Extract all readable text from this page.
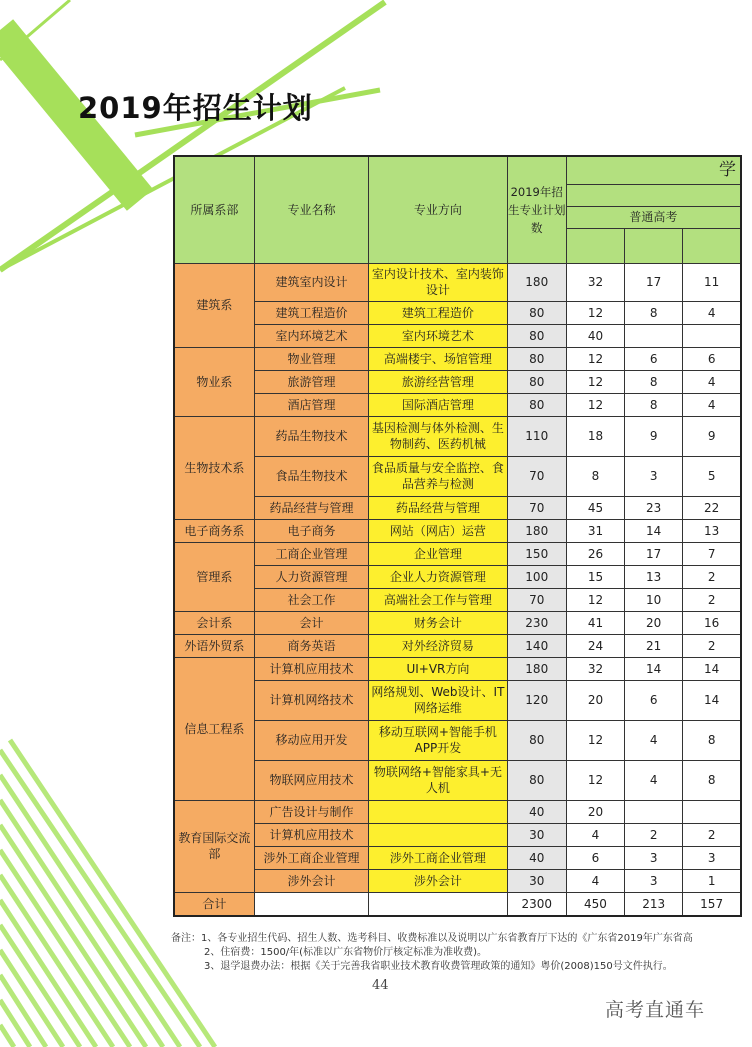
2019年招生计划
所属系部	专业名称	专业方向	2019年招生专业计划数	学		

				普通高考		

建筑系	建筑室内设计	室内设计技术、室内装饰设计	180	32	17	11
	建筑工程造价	建筑工程造价	80	12	8	4
	室内环境艺术	室内环境艺术	80	40		
物业系	物业管理	高端楼宇、场馆管理	80	12	6	6
	旅游管理	旅游经营管理	80	12	8	4
	酒店管理	国际酒店管理	80	12	8	4
生物技术系	药品生物技术	基因检测与体外检测、生物制药、医药机械	110	18	9	9
	食品生物技术	食品质量与安全监控、食品营养与检测	70	8	3	5
	药品经营与管理	药品经营与管理	70	45	23	22
电子商务系	电子商务	网站（网店）运营	180	31	14	13
管理系	工商企业管理	企业管理	150	26	17	7
	人力资源管理	企业人力资源管理	100	15	13	2
	社会工作	高端社会工作与管理	70	12	10	2
会计系	会计	财务会计	230	41	20	16
外语外贸系	商务英语	对外经济贸易	140	24	21	2
信息工程系	计算机应用技术	UI+VR方向	180	32	14	14
	计算机网络技术	网络规划、Web设计、IT网络运维	120	20	6	14
	移动应用开发	移动互联网+智能手机APP开发	80	12	4	8
	物联网应用技术	物联网络+智能家具+无人机	80	12	4	8
教育国际交流部	广告设计与制作		40	20		
	计算机应用技术		30	4	2	2
	涉外工商企业管理	涉外工商企业管理	40	6	3	3
	涉外会计	涉外会计	30	4	3	1
合计			2300	450	213	157
备注：1、各专业招生代码、招生人数、选考科目、收费标准以及说明以广东省教育厅下达的《广东省2019年广东省高
2、住宿费：1500/年(标准以广东省物价厅核定标准为准收费)。
3、退学退费办法：根据《关于完善我省职业技术教育收费管理政策的通知》粤价(2008)150号文件执行。
44
高考直通车
